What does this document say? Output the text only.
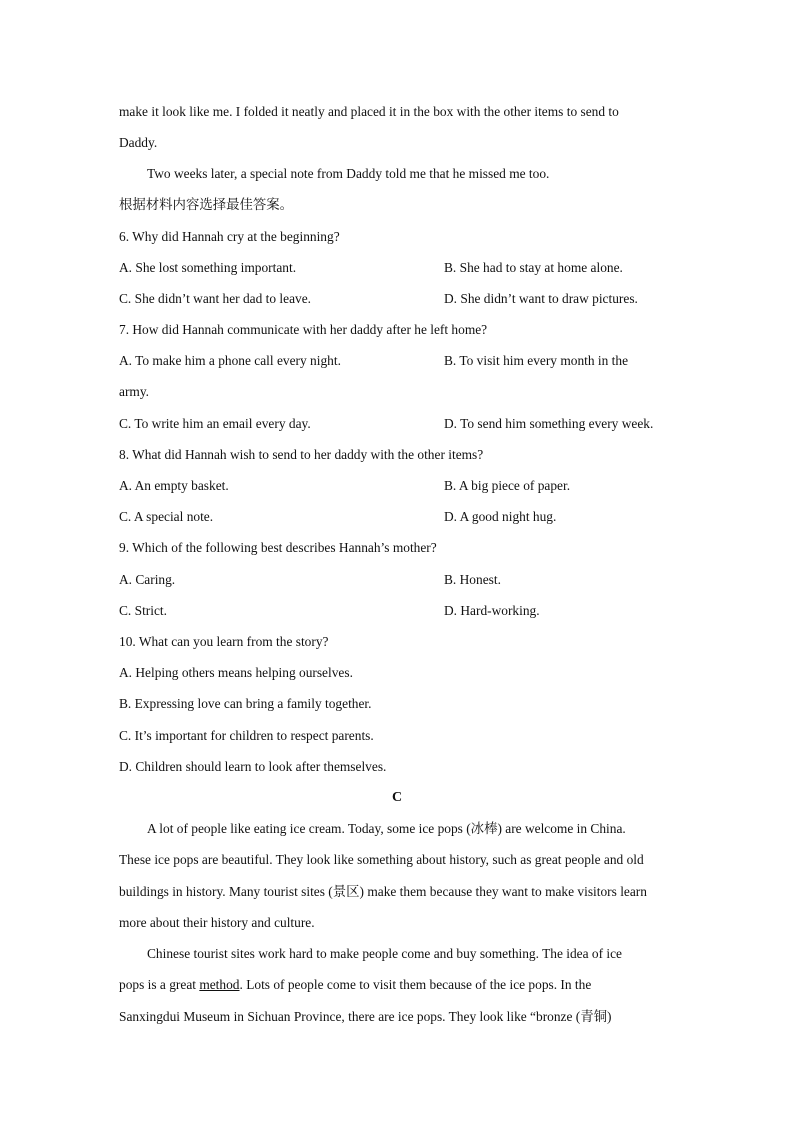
make it look like me. I folded it neatly and placed it in the box with the other items to send to
Daddy.
Two weeks later, a special note from Daddy told me that he missed me too.
根据材料内容选择最佳答案。
6. Why did Hannah cry at the beginning?
A. She lost something important.	B. She had to stay at home alone.
C. She didn’t want her dad to leave.	D. She didn’t want to draw pictures.
7. How did Hannah communicate with her daddy after he left home?
A. To make him a phone call every night.	B. To visit him every month in the
army.
C. To write him an email every day.	D. To send him something every week.
8. What did Hannah wish to send to her daddy with the other items?
A. An empty basket.	B. A big piece of paper.
C. A special note.	D. A good night hug.
9. Which of the following best describes Hannah’s mother?
A. Caring.	B. Honest.
C. Strict.	D. Hard-working.
10. What can you learn from the story?
A. Helping others means helping ourselves.
B. Expressing love can bring a family together.
C. It’s important for children to respect parents.
D. Children should learn to look after themselves.
C
A lot of people like eating ice cream. Today, some ice pops (冰棒) are welcome in China.
These ice pops are beautiful. They look like something about history, such as great people and old
buildings in history. Many tourist sites (景区) make them because they want to make visitors learn
more about their history and culture.
Chinese tourist sites work hard to make people come and buy something. The idea of ice
pops is a great method. Lots of people come to visit them because of the ice pops. In the
Sanxingdui Museum in Sichuan Province, there are ice pops. They look like “bronze (青铜)
